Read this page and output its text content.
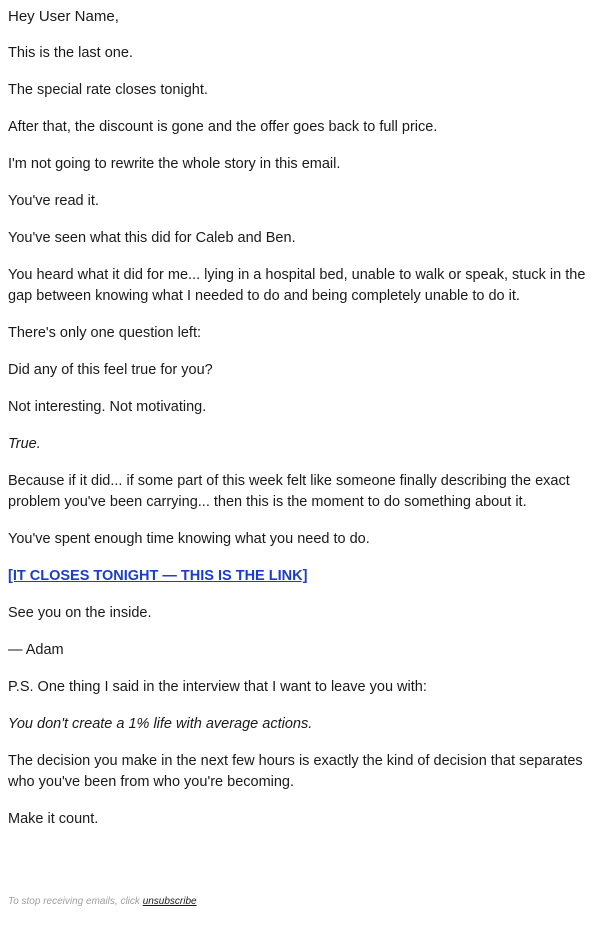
Hey User Name,

This is the last one.

The special rate closes tonight.

After that, the discount is gone and the offer goes back to full price.

I'm not going to rewrite the whole story in this email.

You've read it.

You've seen what this did for Caleb and Ben.

You heard what it did for me... lying in a hospital bed, unable to walk or speak, stuck in the gap between knowing what I needed to do and being completely unable to do it.

There's only one question left:

Did any of this feel true for you?

Not interesting. Not motivating.

True.

Because if it did... if some part of this week felt like someone finally describing the exact problem you've been carrying... then this is the moment to do something about it.

You've spent enough time knowing what you need to do.

[IT CLOSES TONIGHT — THIS IS THE LINK]

See you on the inside.

— Adam

P.S. One thing I said in the interview that I want to leave you with:

You don't create a 1% life with average actions.

The decision you make in the next few hours is exactly the kind of decision that separates who you've been from who you're becoming.

Make it count.

To stop receiving emails, click unsubscribe
